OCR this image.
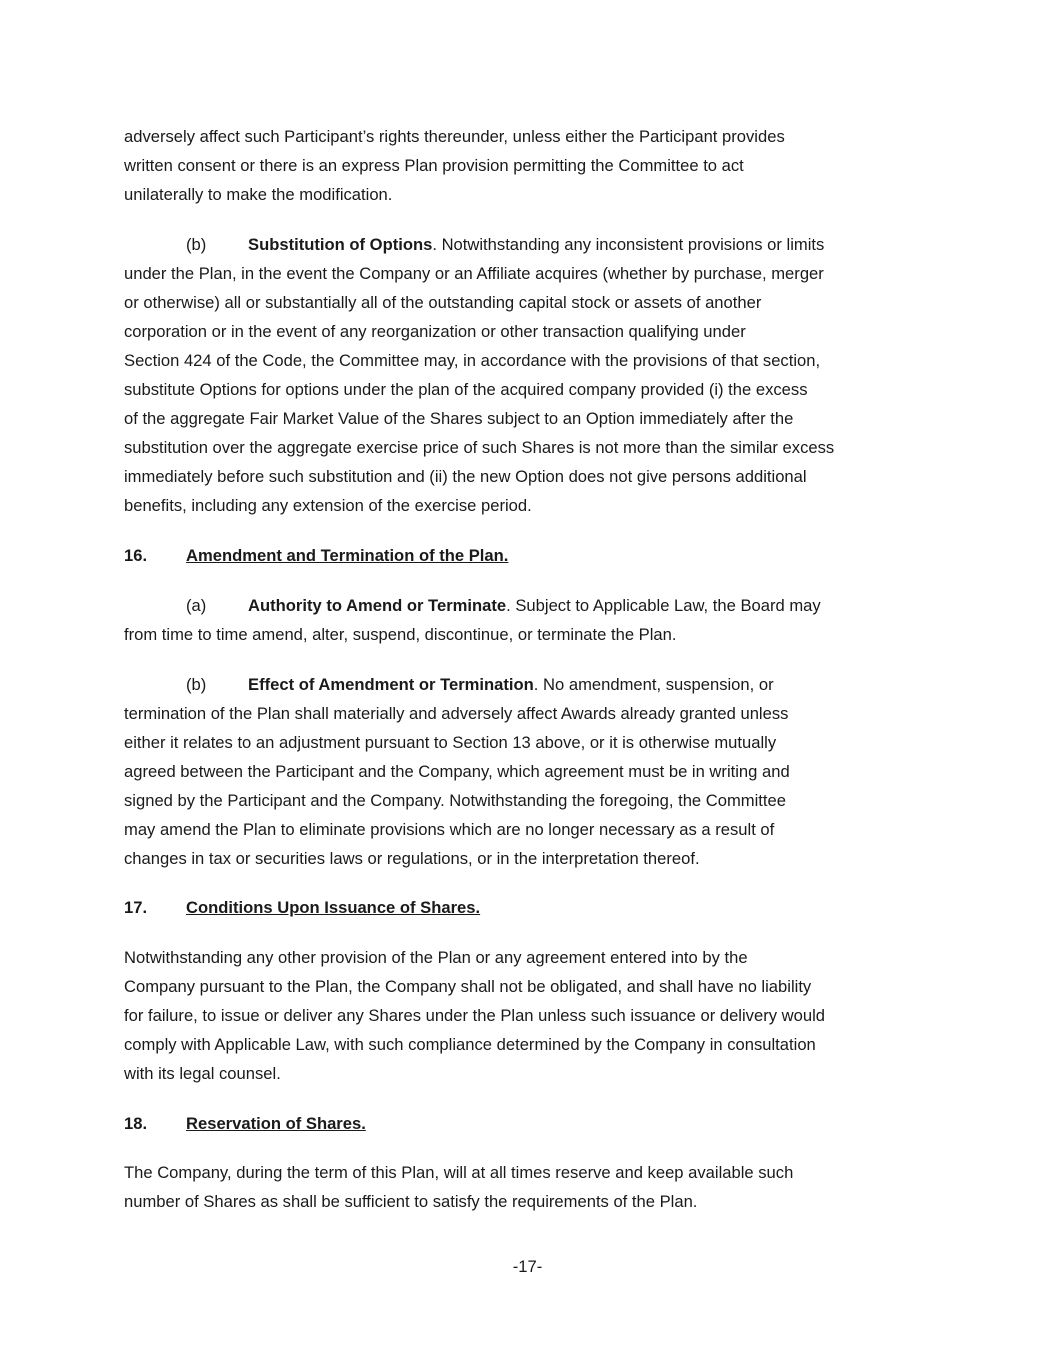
adversely affect such Participant’s rights thereunder, unless either the Participant provides
written consent or there is an express Plan provision permitting the Committee to act
unilaterally to make the modification.
(b)	Substitution of Options. Notwithstanding any inconsistent provisions or limits
under the Plan, in the event the Company or an Affiliate acquires (whether by purchase, merger
or otherwise) all or substantially all of the outstanding capital stock or assets of another
corporation or in the event of any reorganization or other transaction qualifying under
Section 424 of the Code, the Committee may, in accordance with the provisions of that section,
substitute Options for options under the plan of the acquired company provided (i) the excess
of the aggregate Fair Market Value of the Shares subject to an Option immediately after the
substitution over the aggregate exercise price of such Shares is not more than the similar excess
immediately before such substitution and (ii) the new Option does not give persons additional
benefits, including any extension of the exercise period.
16. Amendment and Termination of the Plan.
(a)	Authority to Amend or Terminate. Subject to Applicable Law, the Board may
from time to time amend, alter, suspend, discontinue, or terminate the Plan.
(b)	Effect of Amendment or Termination. No amendment, suspension, or
termination of the Plan shall materially and adversely affect Awards already granted unless
either it relates to an adjustment pursuant to Section 13 above, or it is otherwise mutually
agreed between the Participant and the Company, which agreement must be in writing and
signed by the Participant and the Company. Notwithstanding the foregoing, the Committee
may amend the Plan to eliminate provisions which are no longer necessary as a result of
changes in tax or securities laws or regulations, or in the interpretation thereof.
17. Conditions Upon Issuance of Shares.
Notwithstanding any other provision of the Plan or any agreement entered into by the
Company pursuant to the Plan, the Company shall not be obligated, and shall have no liability
for failure, to issue or deliver any Shares under the Plan unless such issuance or delivery would
comply with Applicable Law, with such compliance determined by the Company in consultation
with its legal counsel.
18. Reservation of Shares.
The Company, during the term of this Plan, will at all times reserve and keep available such
number of Shares as shall be sufficient to satisfy the requirements of the Plan.
-17-
